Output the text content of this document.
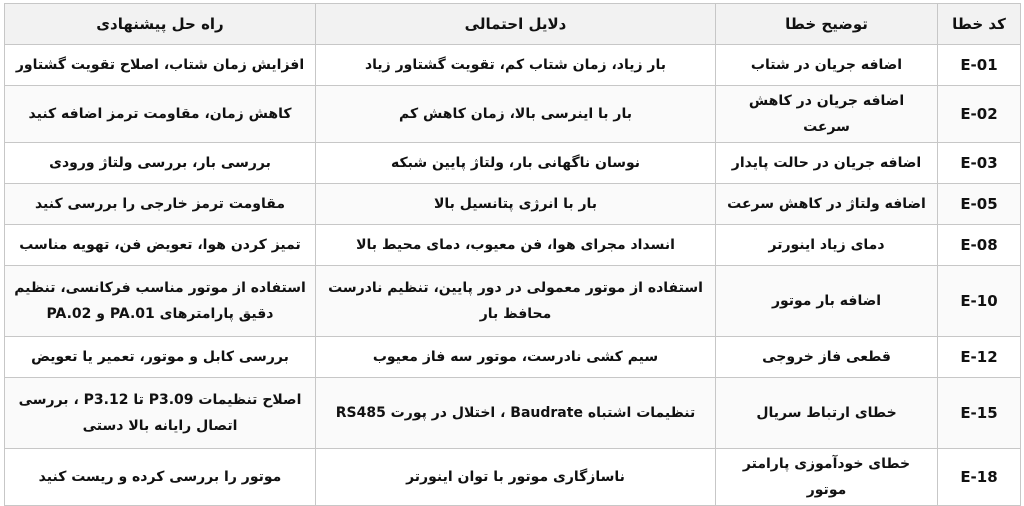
کد خطا	توضیح خطا	دلایل احتمالی	راه حل پیشنهادی
E-01	اضافه جریان در شتاب	بار زیاد، زمان شتاب کم، تقویت گشتاور زیاد	افزایش زمان شتاب، اصلاح تقویت گشتاور
E-02	اضافه جریان در کاهش سرعت	بار با اینرسی بالا، زمان کاهش کم	کاهش زمان، مقاومت ترمز اضافه کنید
E-03	اضافه جریان در حالت پایدار	نوسان ناگهانی بار، ولتاژ پایین شبکه	بررسی بار، بررسی ولتاژ ورودی
E-05	اضافه ولتاژ در کاهش سرعت	بار با انرژی پتانسیل بالا	مقاومت ترمز خارجی را بررسی کنید
E-08	دمای زیاد اینورتر	انسداد مجرای هوا، فن معیوب، دمای محیط بالا	تمیز کردن هوا، تعویض فن، تهویه مناسب
E-10	اضافه بار موتور	استفاده از موتور معمولی در دور پایین، تنظیم نادرست محافظ بار	استفاده از موتور مناسب فرکانسی، تنظیم دقیق پارامترهای PA.01 و PA.02
E-12	قطعی فاز خروجی	سیم کشی نادرست، موتور سه فاز معیوب	بررسی کابل و موتور، تعمیر یا تعویض
E-15	خطای ارتباط سریال	تنظیمات اشتباه Baudrate ، اختلال در پورت RS485	اصلاح تنظیمات P3.09 تا P3.12 ، بررسی اتصال رایانه بالا دستی
E-18	خطای خودآموزی پارامتر موتور	ناسازگاری موتور با توان اینورتر	موتور را بررسی کرده و ریست کنید
